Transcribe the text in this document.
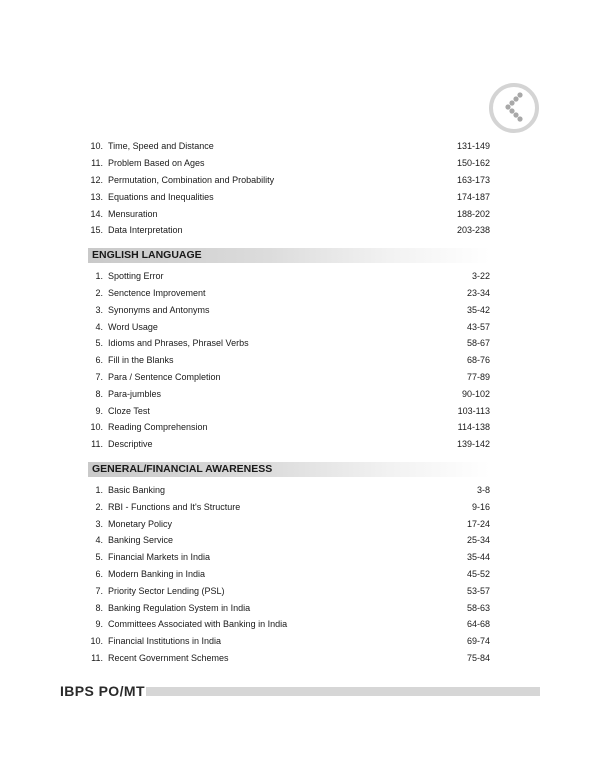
10. Time, Speed and Distance	131-149
11. Problem Based on Ages	150-162
12. Permutation, Combination and Probability	163-173
13. Equations and Inequalities	174-187
14. Mensuration	188-202
15. Data Interpretation	203-238
ENGLISH LANGUAGE
1. Spotting Error	3-22
2. Senctence Improvement	23-34
3. Synonyms and Antonyms	35-42
4. Word Usage	43-57
5. Idioms and Phrases, Phrasel Verbs	58-67
6. Fill in the Blanks	68-76
7. Para / Sentence Completion	77-89
8. Para-jumbles	90-102
9. Cloze Test	103-113
10. Reading Comprehension	114-138
11. Descriptive	139-142
GENERAL/FINANCIAL AWARENESS
1. Basic Banking	3-8
2. RBI - Functions and It's Structure	9-16
3. Monetary Policy	17-24
4. Banking Service	25-34
5. Financial Markets in India	35-44
6. Modern Banking in India	45-52
7. Priority Sector Lending (PSL)	53-57
8. Banking Regulation System in India	58-63
9. Committees Associated with Banking in India	64-68
10. Financial Institutions in India	69-74
11. Recent Government Schemes	75-84
IBPS PO/MT
